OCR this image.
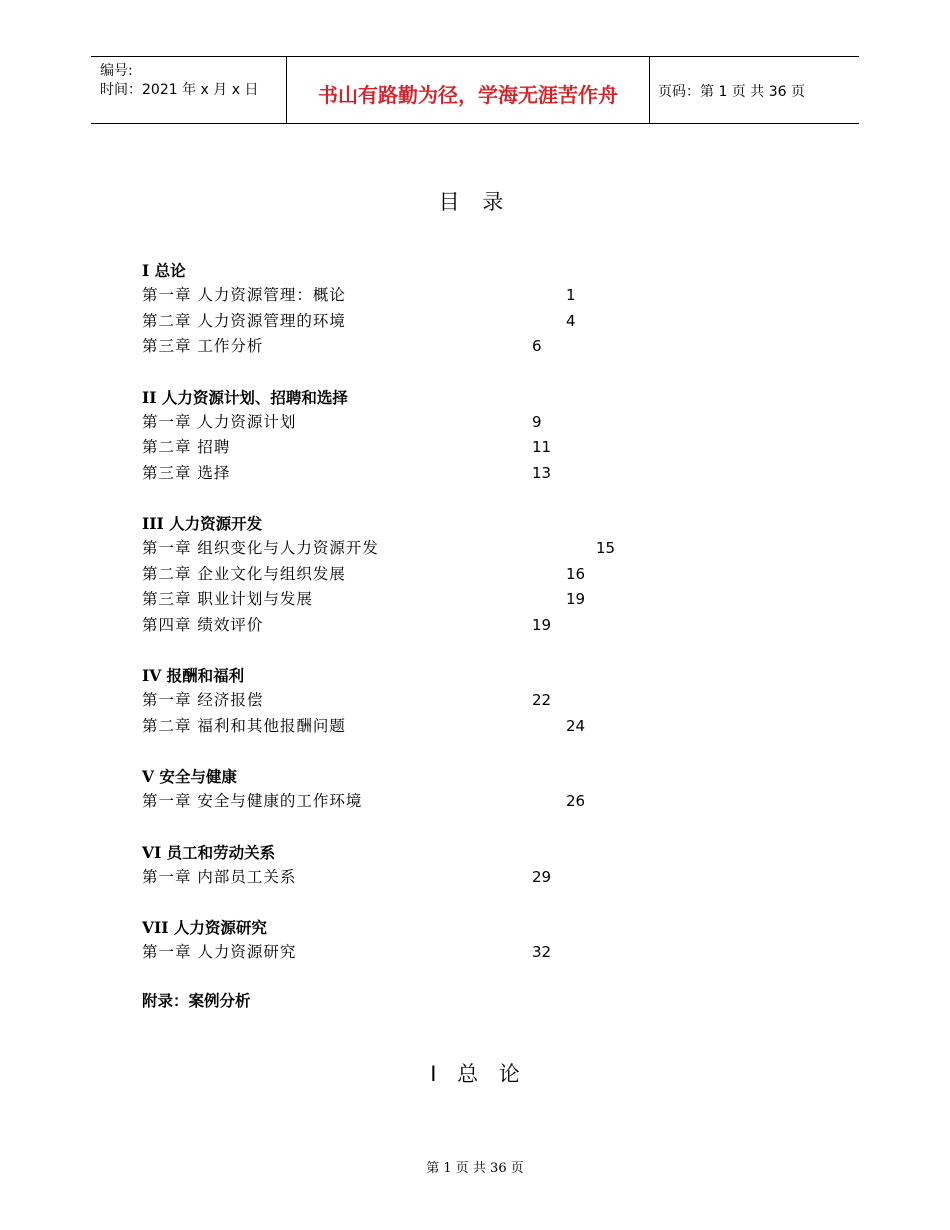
编号:
时间：2021 年 x 月 x 日	书山有路勤为径，学海无涯苦作舟	页码：第 1 页 共 36 页
目 录
I 总论
第一章 人力资源管理：概论	1
第二章 人力资源管理的环境	4
第三章 工作分析	6
II 人力资源计划、招聘和选择
第一章 人力资源计划	9
第二章 招聘	11
第三章 选择	13
III 人力资源开发
第一章 组织变化与人力资源开发	15
第二章 企业文化与组织发展	16
第三章 职业计划与发展	19
第四章 绩效评价	19
IV 报酬和福利
第一章 经济报偿	22
第二章 福利和其他报酬问题	24
V 安全与健康
第一章 安全与健康的工作环境	26
VI 员工和劳动关系
第一章 内部员工关系	29
VII 人力资源研究
第一章 人力资源研究	32
附录：案例分析
I 总 论
第 1 页 共 36 页
